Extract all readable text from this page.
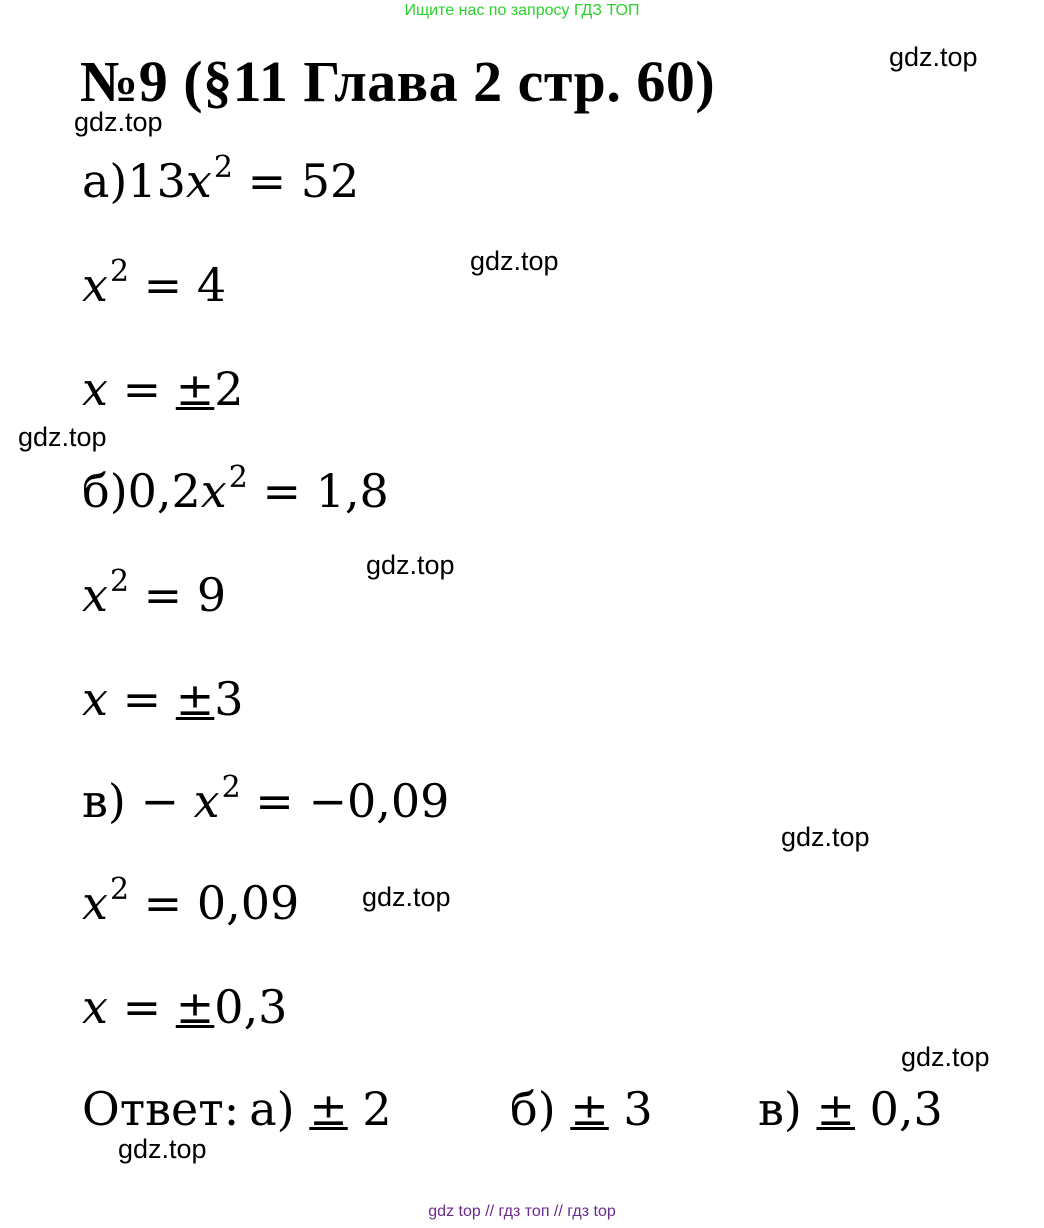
Ищите нас по запросу ГДЗ ТОП
№9 (§11 Глава 2 стр. 60)	gdz.top
gdz.top
gdz.top
gdz.top
gdz.top
gdz.top
gdz.top
gdz.top
gdz.top
$а)13x^2 = 52$
$x^2 = 4$
x = ±2
$б)0,2x^2 = 1,8$
$x^2 = 9$
x = ±3
$в) - x^2 = -0,09$
$x^2 = 0,09$
x = ±0,3
Ответ: а) ± 2	б) ± 3 в) ± 0,3
gdz top // гдз топ // гдз top
